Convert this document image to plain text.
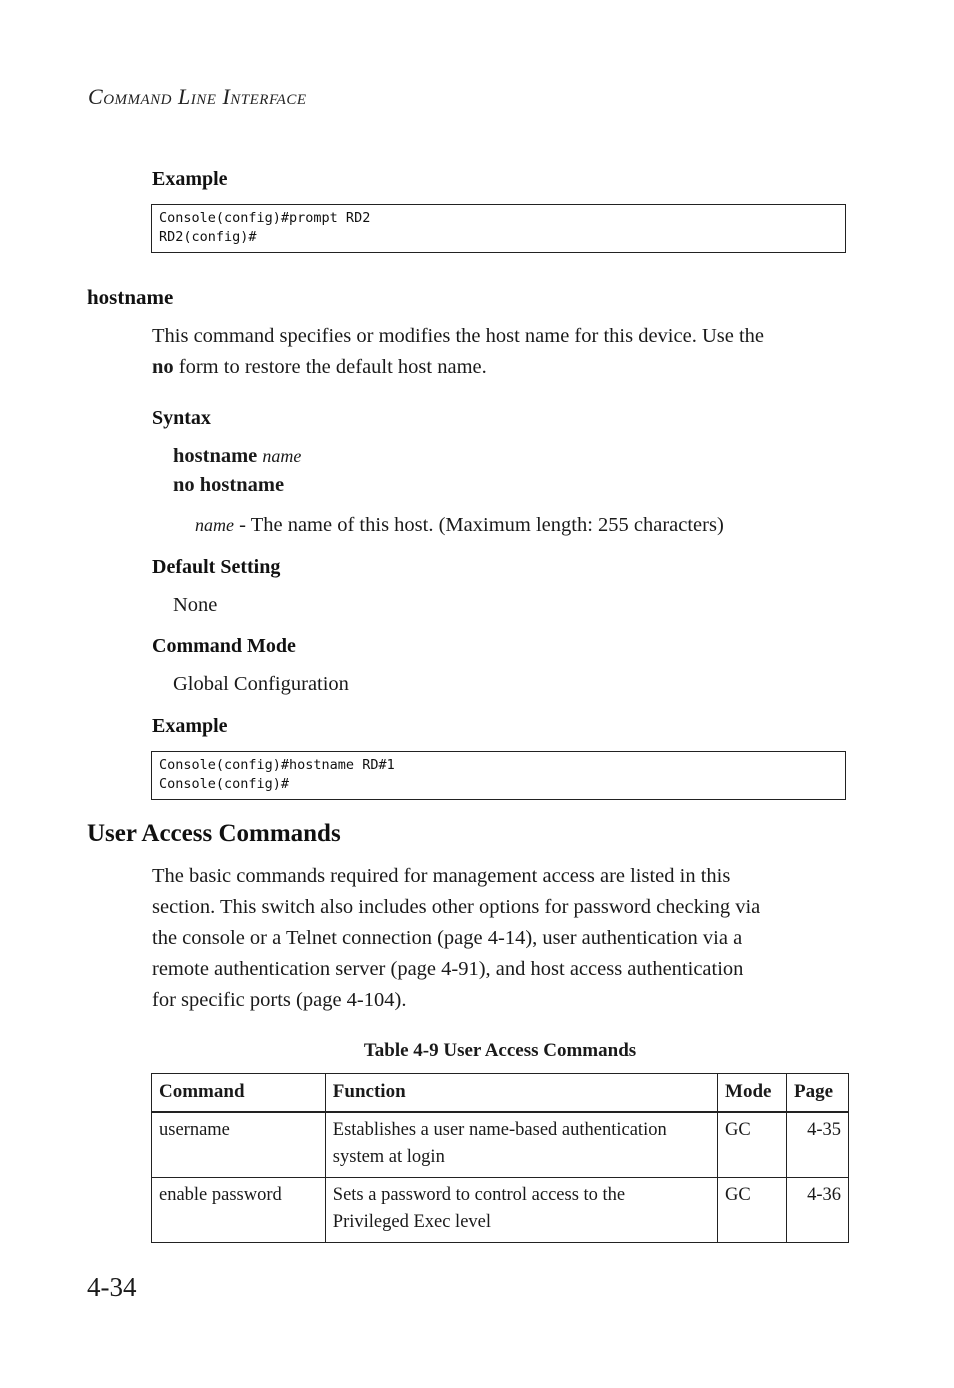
COMMAND LINE INTERFACE
Example
Console(config)#prompt RD2
RD2(config)#
hostname
This command specifies or modifies the host name for this device. Use the
no form to restore the default host name.
Syntax
hostname name
no hostname
name - The name of this host. (Maximum length: 255 characters)
Default Setting
None
Command Mode
Global Configuration
Example
Console(config)#hostname RD#1
Console(config)#
User Access Commands
The basic commands required for management access are listed in this
section. This switch also includes other options for password checking via
the console or a Telnet connection (page 4-14), user authentication via a
remote authentication server (page 4-91), and host access authentication
for specific ports (page 4-104).
Table 4-9 User Access Commands
Command	Function	Mode	Page
username	Establishes a user name-based authentication
system at login	GC	4-35
enable password	Sets a password to control access to the
Privileged Exec level	GC	4-36
4-34
